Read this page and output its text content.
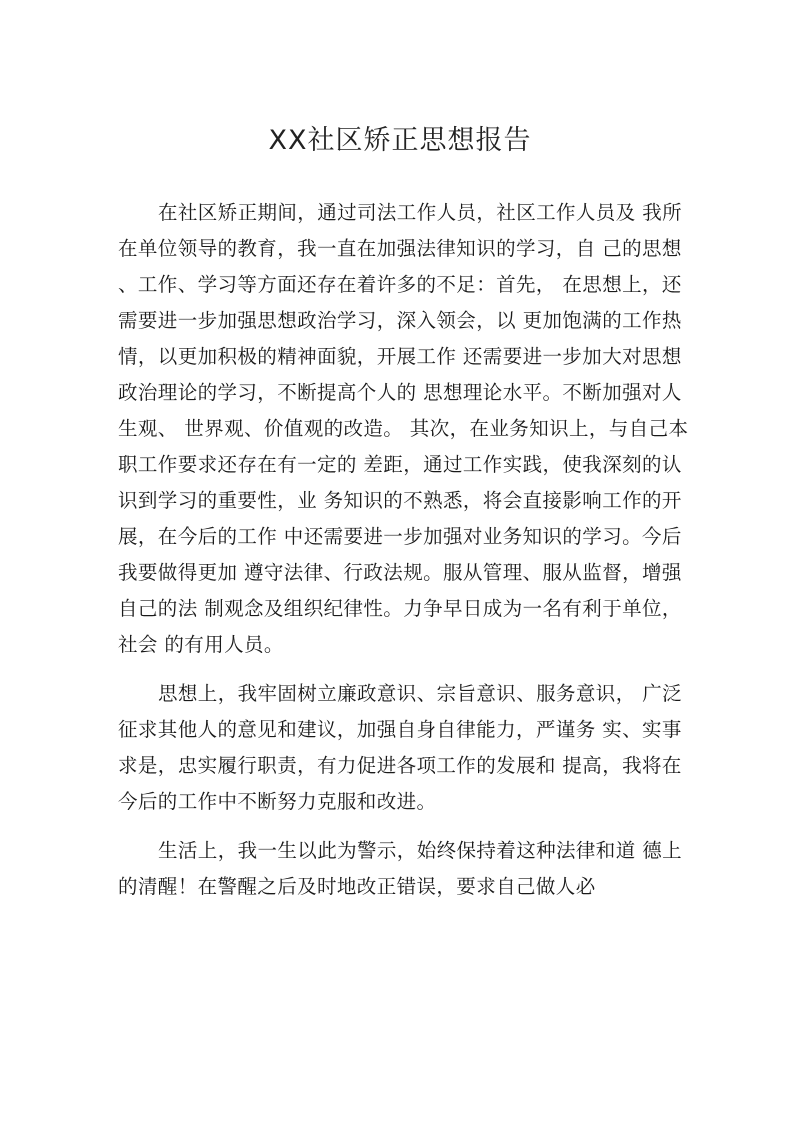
XX社区矫正思想报告

在社区矫正期间，通过司法工作人员，社区工作人员及 我所

在单位领导的教育，我一直在加强法律知识的学习，自 己的思想

、工作、学习等方面还存在着许多的不足：首先， 在思想上，还

需要进一步加强思想政治学习，深入领会，以 更加饱满的工作热

情，以更加积极的精神面貌，开展工作 还需要进一步加大对思想

政治理论的学习，不断提高个人的 思想理论水平。不断加强对人

生观、 世界观、价值观的改造。 其次，在业务知识上，与自己本

职工作要求还存在有一定的 差距，通过工作实践，使我深刻的认

识到学习的重要性，业 务知识的不熟悉，将会直接影响工作的开

展，在今后的工作 中还需要进一步加强对业务知识的学习。今后

我要做得更加 遵守法律、行政法规。服从管理、服从监督，增强

自己的法 制观念及组织纪律性。力争早日成为一名有利于单位，

社会 的有用人员。

思想上，我牢固树立廉政意识、宗旨意识、服务意识， 广泛

征求其他人的意见和建议，加强自身自律能力，严谨务 实、实事

求是，忠实履行职责，有力促进各项工作的发展和 提高，我将在

今后的工作中不断努力克服和改进。

生活上，我一生以此为警示，始终保持着这种法律和道 德上

的清醒！在警醒之后及时地改正错误，要求自己做人必
